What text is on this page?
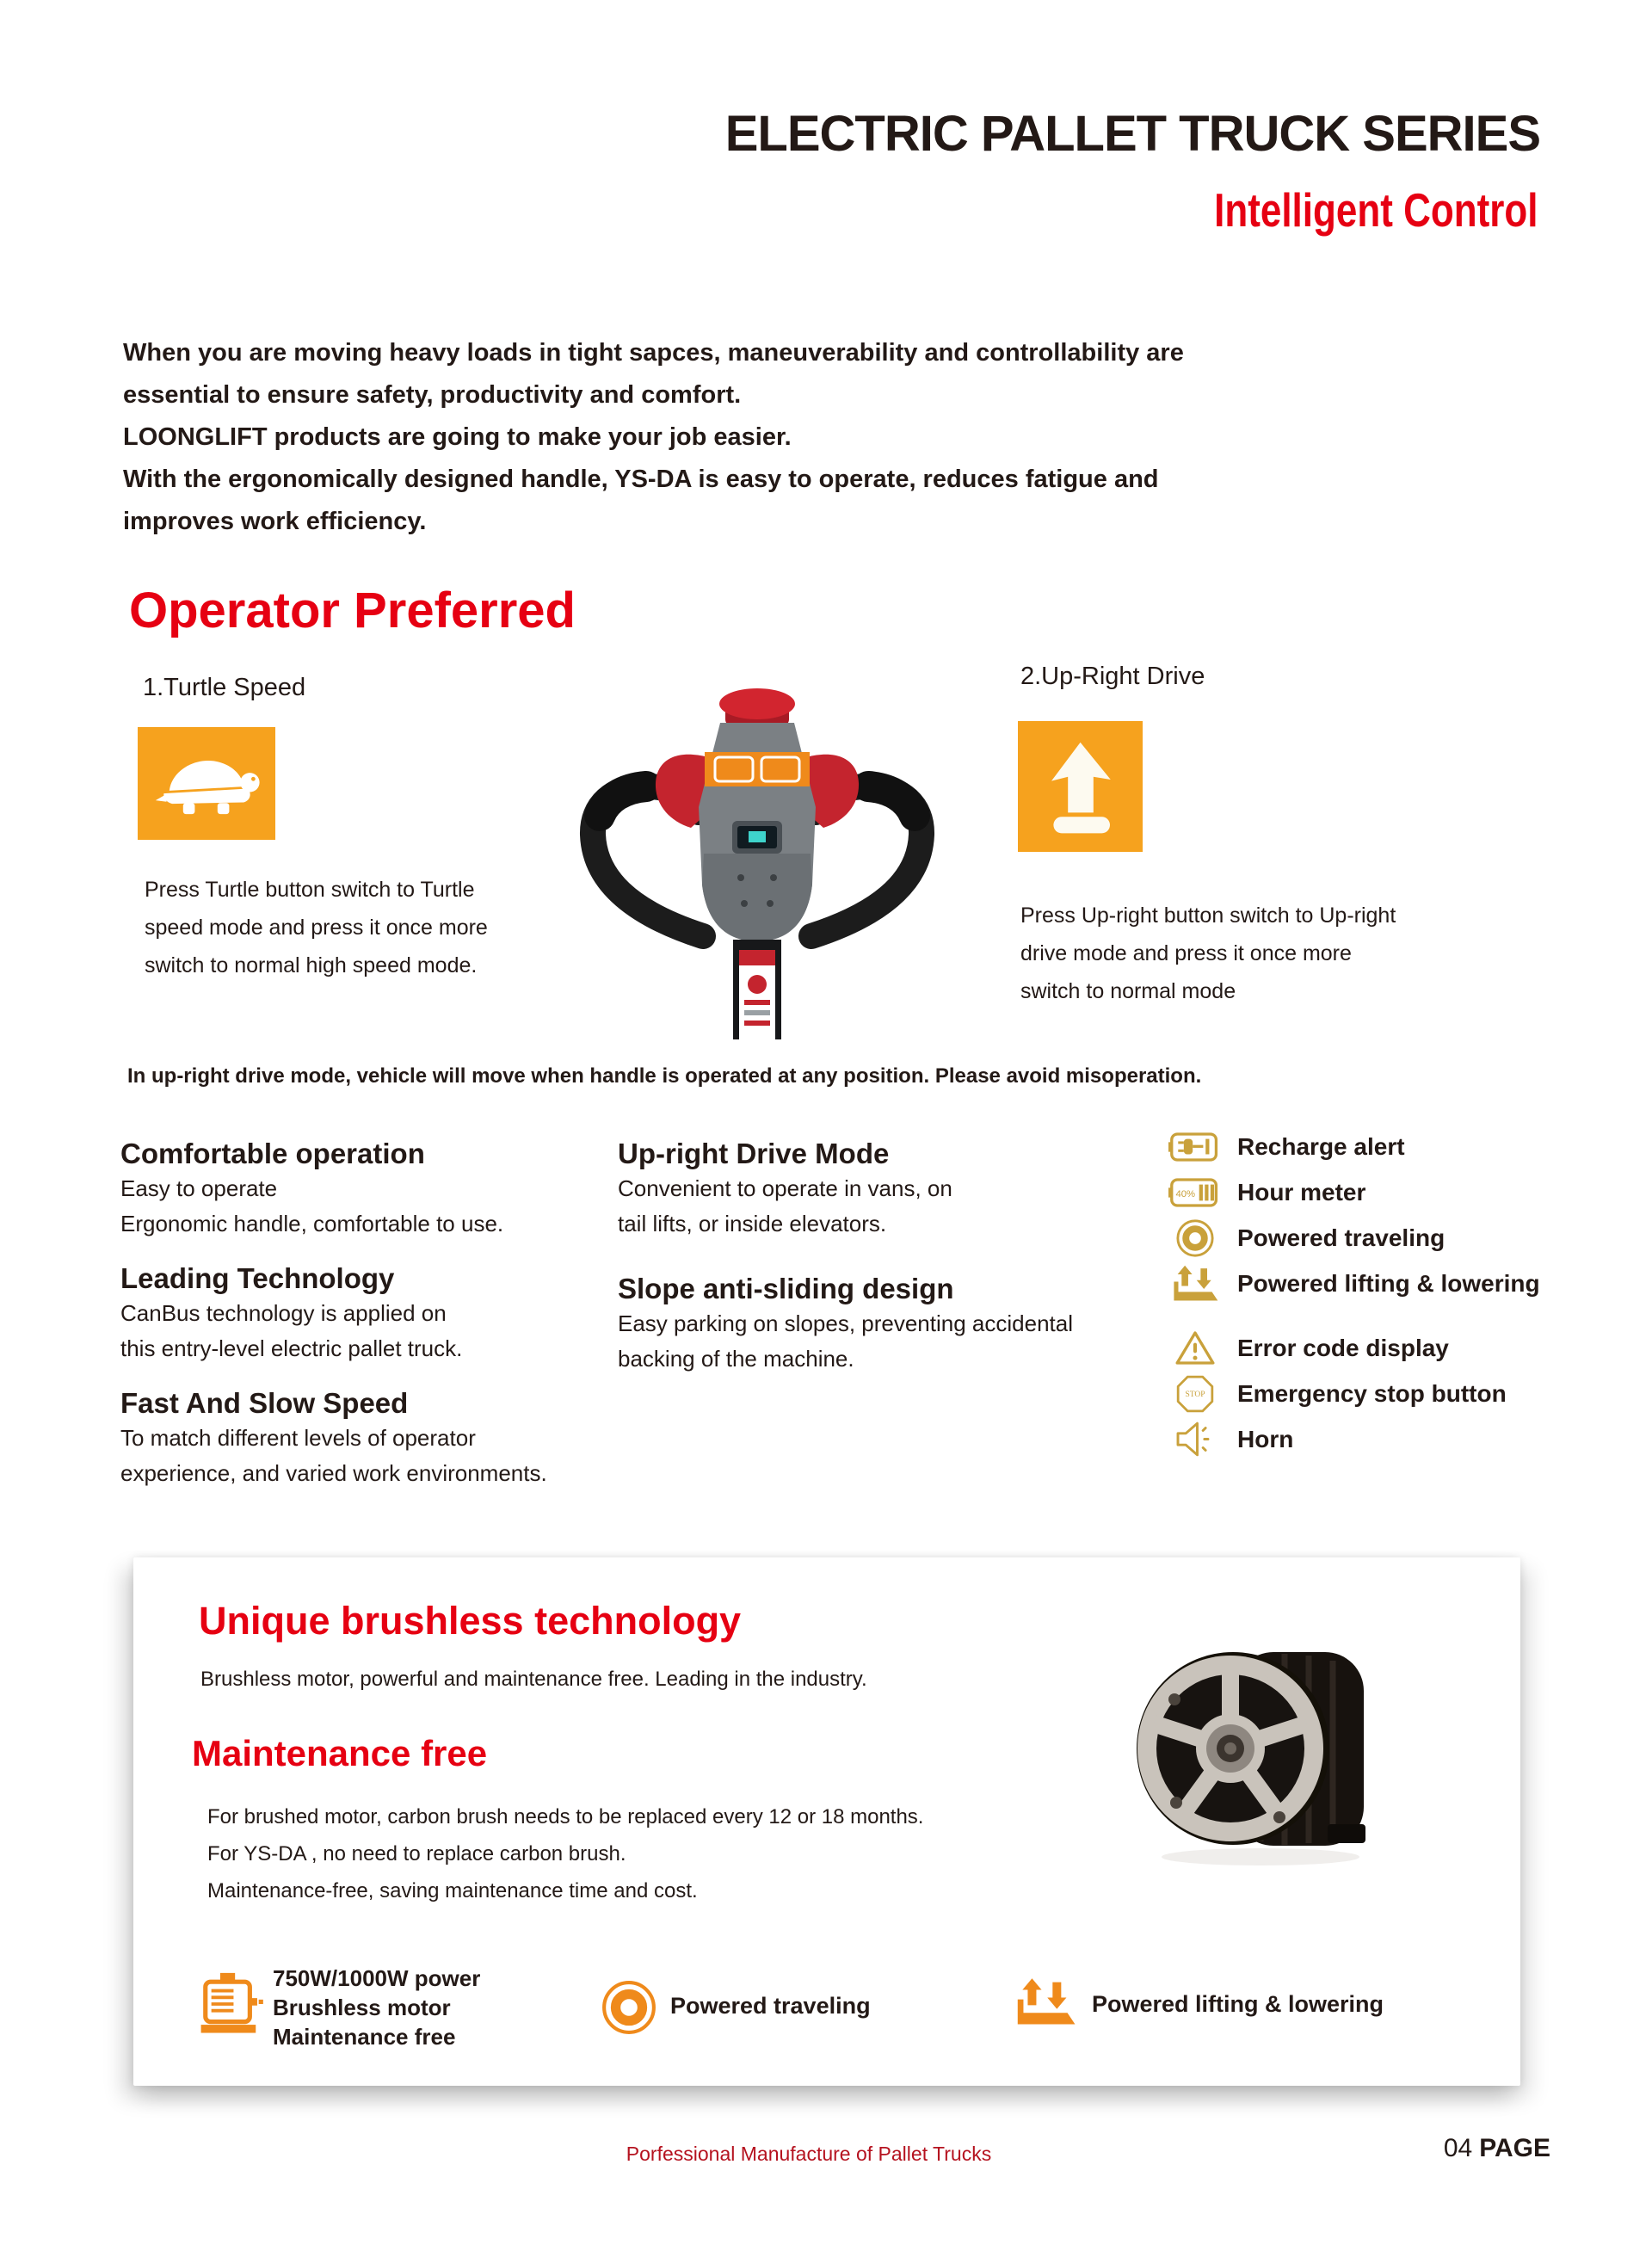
ELECTRIC PALLET TRUCK SERIES
Intelligent Control
When you are moving heavy loads in tight sapces, maneuverability and controllability are
essential to ensure safety, productivity and comfort.
LOONGLIFT products are going to make your job easier.
With the ergonomically designed handle, YS-DA is easy to operate, reduces fatigue and
improves work efficiency.
Operator Preferred
1.Turtle Speed
Press Turtle button switch to Turtle
speed mode and press it once more
switch to normal high speed mode.
2.Up-Right Drive
Press Up-right button switch to Up-right
drive mode and press it once more
switch to normal mode
In up-right drive mode, vehicle will move when handle is operated at any position. Please avoid misoperation.
Comfortable operation

Easy to operate

Ergonomic handle, comfortable to use.

Leading Technology

CanBus technology is applied on

this entry-level electric pallet truck.

Fast And Slow Speed

To match different levels of operator

experience, and varied work environments.

Up-right Drive Mode

Convenient to operate in vans, on

tail lifts, or inside elevators.

Slope anti-sliding design

Easy parking on slopes, preventing accidental

backing of the machine.

Recharge alert
40% Hour meter
Powered traveling
Powered lifting & lowering
Error code display
STOP Emergency stop button
Horn
Unique brushless technology
Brushless motor, powerful and maintenance free. Leading in the industry.
Maintenance free
For brushed motor, carbon brush needs to be replaced every 12 or 18 months.
For YS-DA , no need to replace carbon brush.
Maintenance-free, saving maintenance time and cost.
750W/1000W power
Brushless motor
Maintenance free
Powered traveling	Powered lifting & lowering
Porfessional Manufacture of Pallet Trucks	04 PAGE
